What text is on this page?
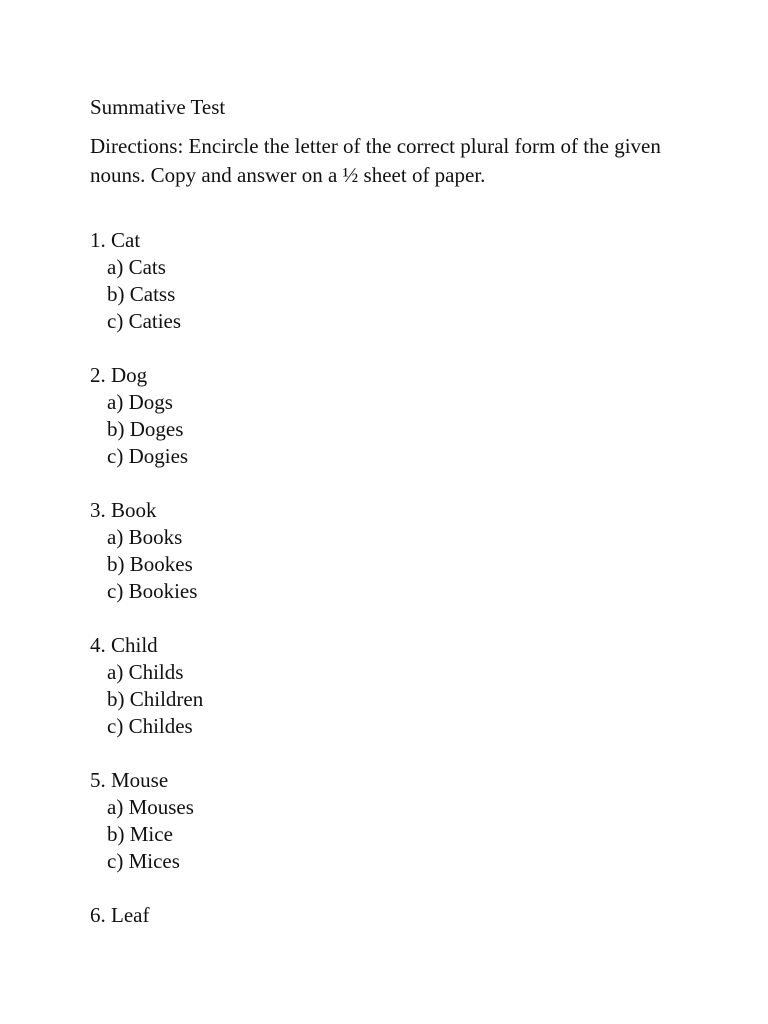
Summative Test
Directions: Encircle the letter of the correct plural form of the given nouns. Copy and answer on a ½ sheet of paper.
1. Cat
a) Cats
b) Catss
c) Caties
2. Dog
a) Dogs
b) Doges
c) Dogies
3. Book
a) Books
b) Bookes
c) Bookies
4. Child
a) Childs
b) Children
c) Childes
5. Mouse
a) Mouses
b) Mice
c) Mices
6. Leaf
